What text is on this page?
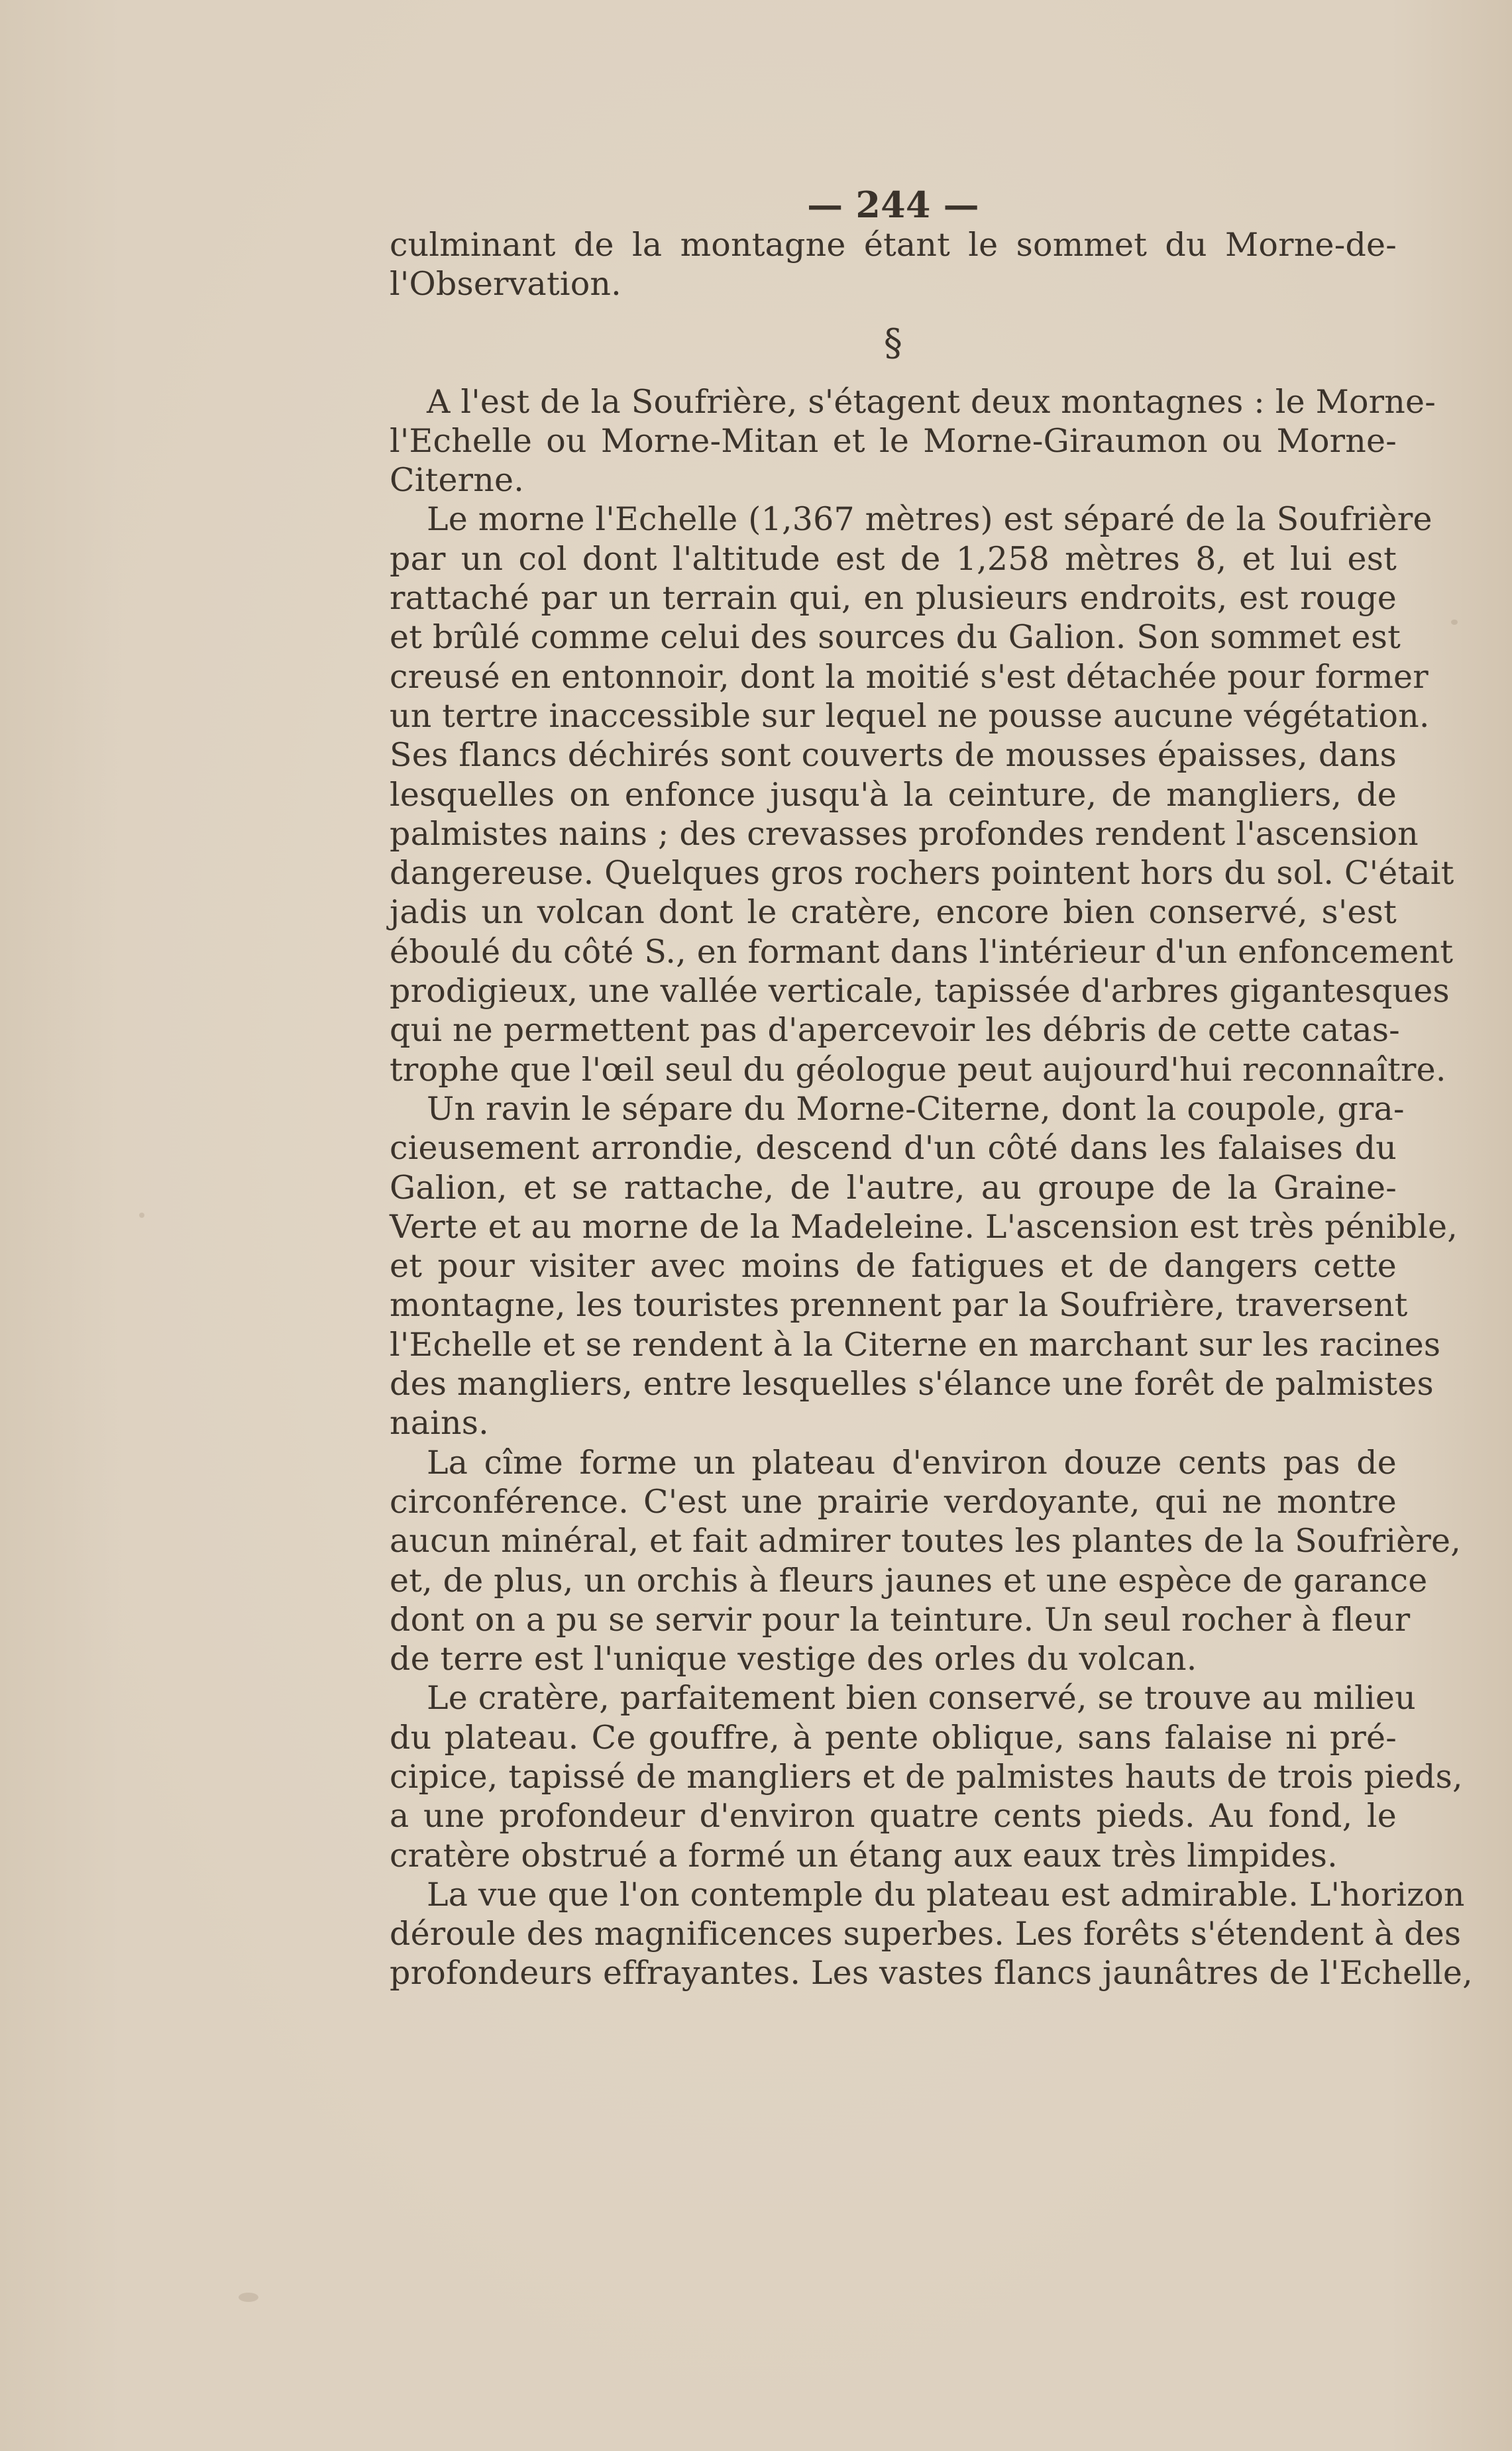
— 244 —
culminant de la montagne étant le sommet du Morne-de-
l'Observation.
§
A l'est de la Soufrière, s'étagent deux montagnes : le Morne-
l'Echelle ou Morne-Mitan et le Morne-Giraumon ou Morne-
Citerne.
Le morne l'Echelle (1,367 mètres) est séparé de la Soufrière
par un col dont l'altitude est de 1,258 mètres 8, et lui est
rattaché par un terrain qui, en plusieurs endroits, est rouge
et brûlé comme celui des sources du Galion. Son sommet est
creusé en entonnoir, dont la moitié s'est détachée pour former
un tertre inaccessible sur lequel ne pousse aucune végétation.
Ses flancs déchirés sont couverts de mousses épaisses, dans
lesquelles on enfonce jusqu'à la ceinture, de mangliers, de
palmistes nains ; des crevasses profondes rendent l'ascension
dangereuse. Quelques gros rochers pointent hors du sol. C'était
jadis un volcan dont le cratère, encore bien conservé, s'est
éboulé du côté S., en formant dans l'intérieur d'un enfoncement
prodigieux, une vallée verticale, tapissée d'arbres gigantesques
qui ne permettent pas d'apercevoir les débris de cette catas-
trophe que l'œil seul du géologue peut aujourd'hui reconnaître.
Un ravin le sépare du Morne-Citerne, dont la coupole, gra-
cieusement arrondie, descend d'un côté dans les falaises du
Galion, et se rattache, de l'autre, au groupe de la Graine-
Verte et au morne de la Madeleine. L'ascension est très pénible,
et pour visiter avec moins de fatigues et de dangers cette
montagne, les touristes prennent par la Soufrière, traversent
l'Echelle et se rendent à la Citerne en marchant sur les racines
des mangliers, entre lesquelles s'élance une forêt de palmistes
nains.
La cîme forme un plateau d'environ douze cents pas de
circonférence. C'est une prairie verdoyante, qui ne montre
aucun minéral, et fait admirer toutes les plantes de la Soufrière,
et, de plus, un orchis à fleurs jaunes et une espèce de garance
dont on a pu se servir pour la teinture. Un seul rocher à fleur
de terre est l'unique vestige des orles du volcan.
Le cratère, parfaitement bien conservé, se trouve au milieu
du plateau. Ce gouffre, à pente oblique, sans falaise ni pré-
cipice, tapissé de mangliers et de palmistes hauts de trois pieds,
a une profondeur d'environ quatre cents pieds. Au fond, le
cratère obstrué a formé un étang aux eaux très limpides.
La vue que l'on contemple du plateau est admirable. L'horizon
déroule des magnificences superbes. Les forêts s'étendent à des
profondeurs effrayantes. Les vastes flancs jaunâtres de l'Echelle,
